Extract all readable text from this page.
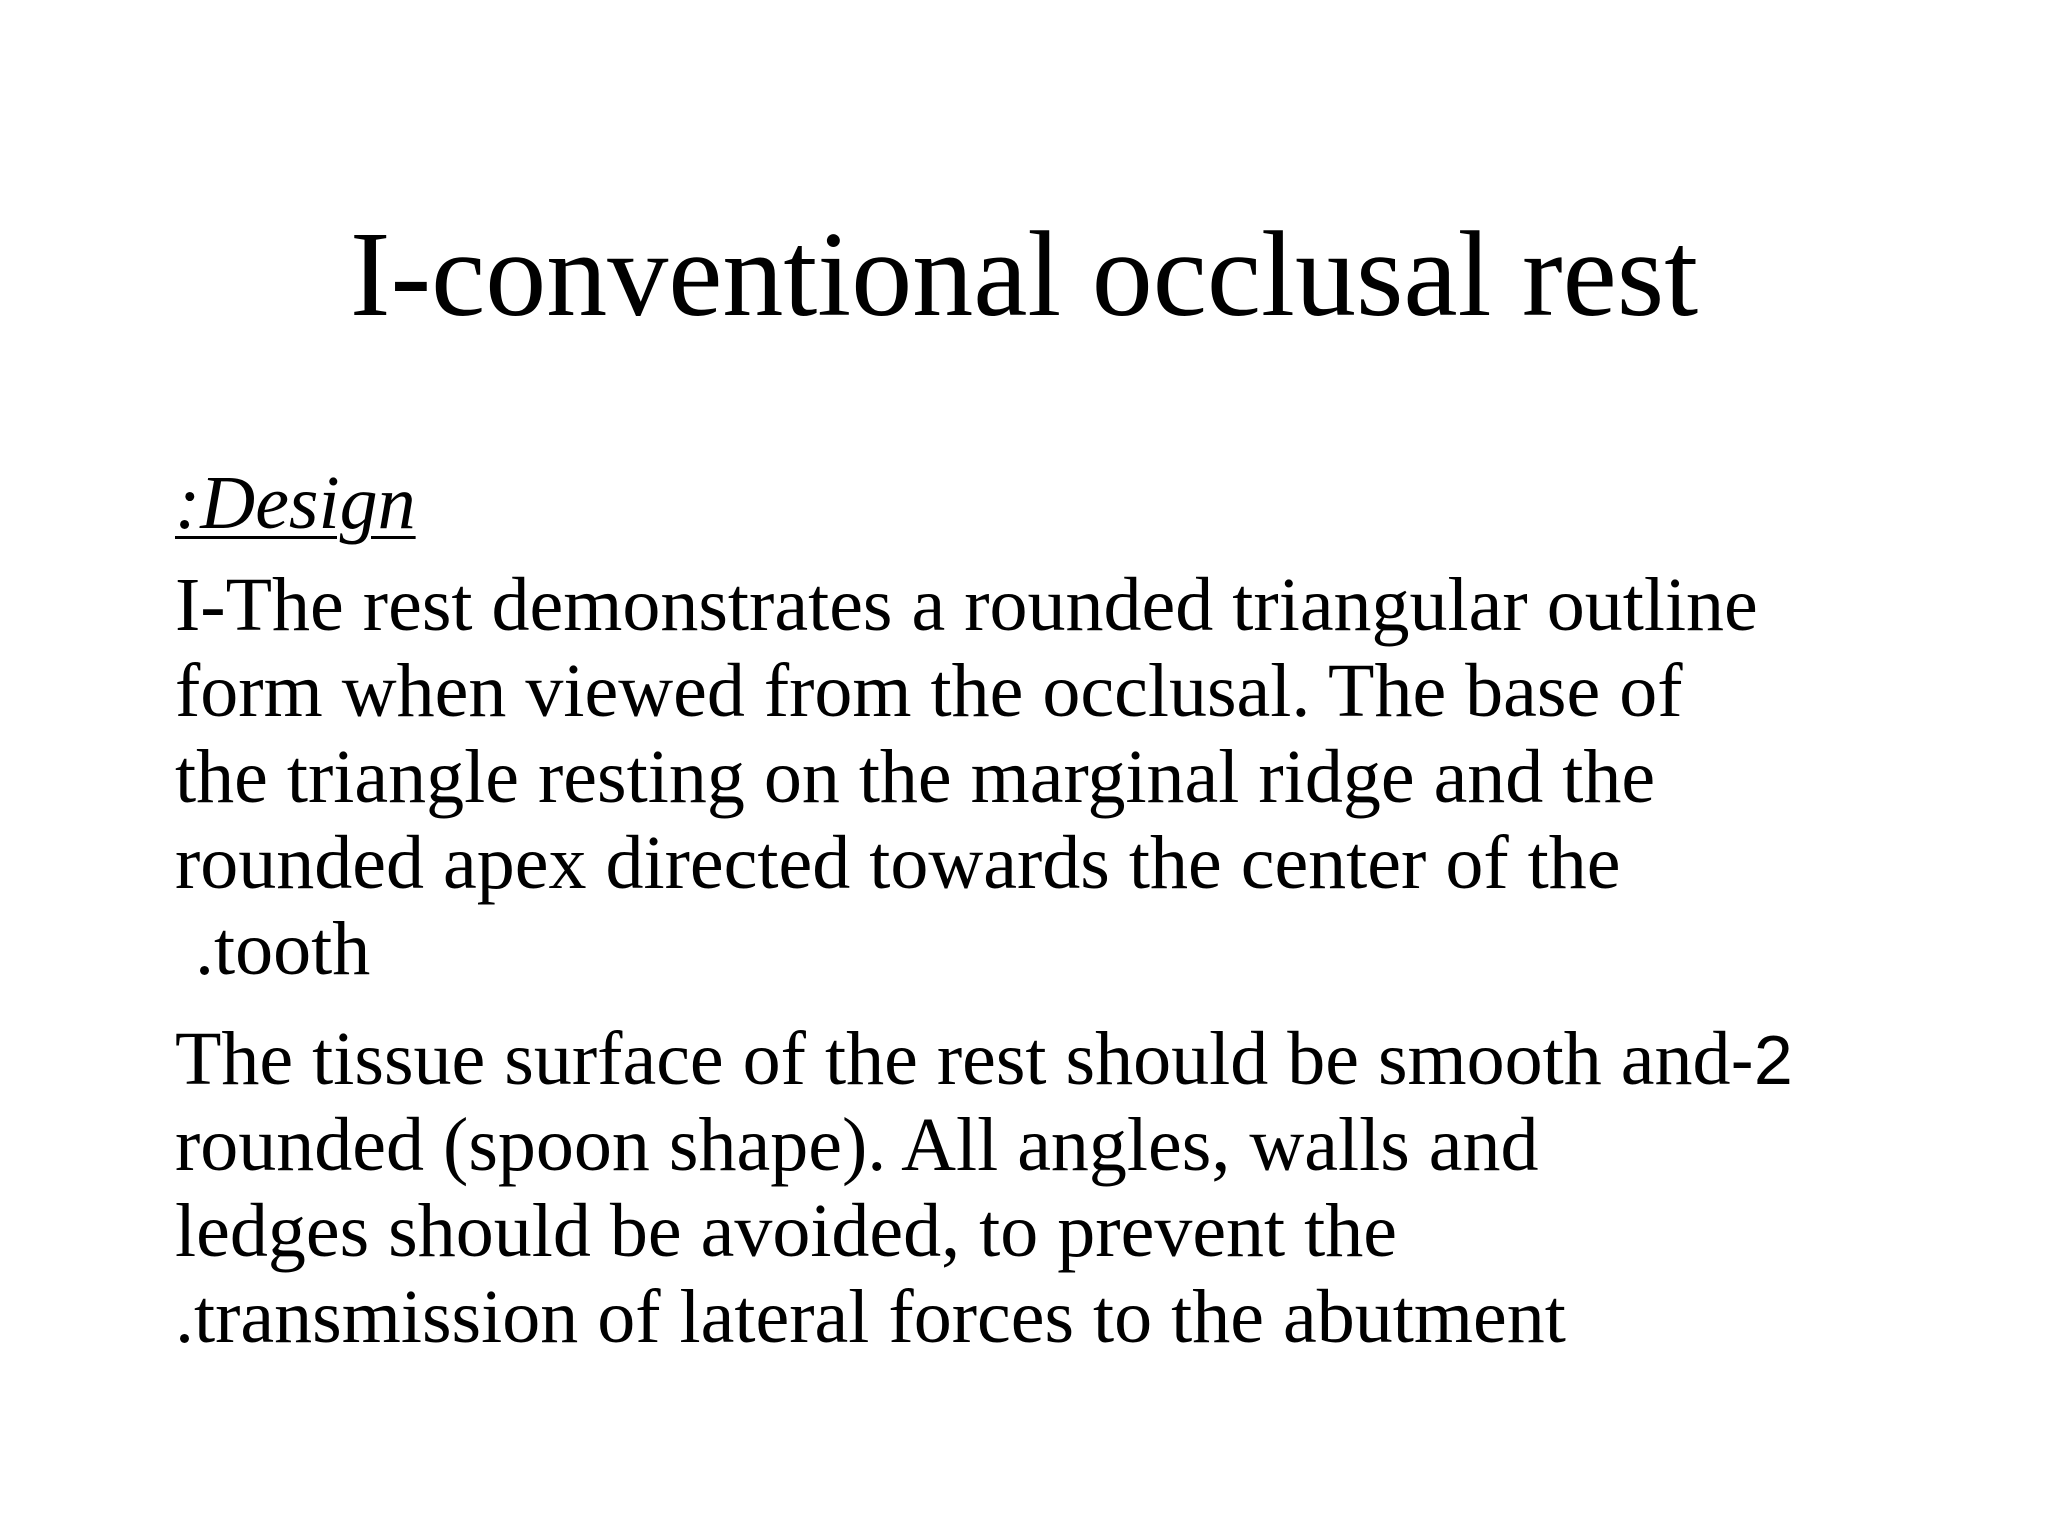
I-conventional occlusal rest
:Design
I-The rest demonstrates a rounded triangular outline
form when viewed from the occlusal. The base of
the triangle resting on the marginal ridge and the
rounded apex directed towards the center of the
.tooth
The tissue surface of the rest should be smooth and-2
rounded (spoon shape). All angles, walls and
ledges should be avoided, to prevent the
.transmission of lateral forces to the abutment
